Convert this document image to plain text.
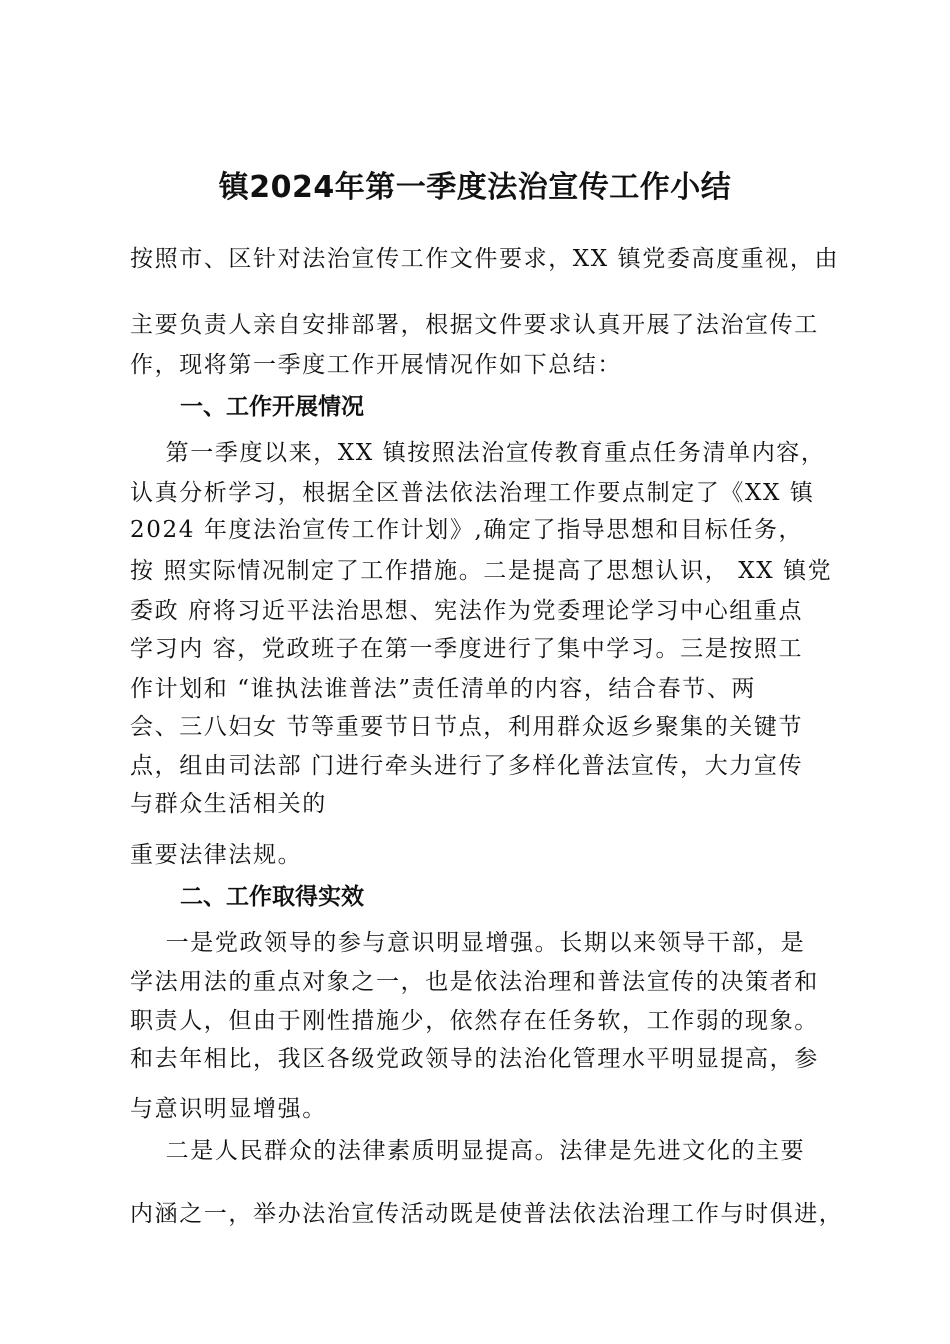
镇2024年第一季度法治宣传工作小结
按照市、区针对法治宣传工作文件要求，XX 镇党委高度重视，由
主要负责人亲自安排部署，根据文件要求认真开展了法治宣传工
作，现将第一季度工作开展情况作如下总结：
一、工作开展情况
第一季度以来，XX 镇按照法治宣传教育重点任务清单内容，
认真分析学习，根据全区普法依法治理工作要点制定了《XX 镇
2024 年度法治宣传工作计划》,确定了指导思想和目标任务，
按 照实际情况制定了工作措施。二是提高了思想认识， XX 镇党
委政 府将习近平法治思想、宪法作为党委理论学习中心组重点
学习内 容，党政班子在第一季度进行了集中学习。三是按照工
作计划和 “谁执法谁普法”责任清单的内容，结合春节、两
会、三八妇女 节等重要节日节点，利用群众返乡聚集的关键节
点，组由司法部 门进行牵头进行了多样化普法宣传，大力宣传
与群众生活相关的
重要法律法规。
二、工作取得实效
一是党政领导的参与意识明显增强。长期以来领导干部，是
学法用法的重点对象之一，也是依法治理和普法宣传的决策者和
职责人，但由于刚性措施少，依然存在任务软，工作弱的现象。
和去年相比，我区各级党政领导的法治化管理水平明显提高，参
与意识明显增强。
二是人民群众的法律素质明显提高。法律是先进文化的主要
内涵之一，举办法治宣传活动既是使普法依法治理工作与时俱进，
